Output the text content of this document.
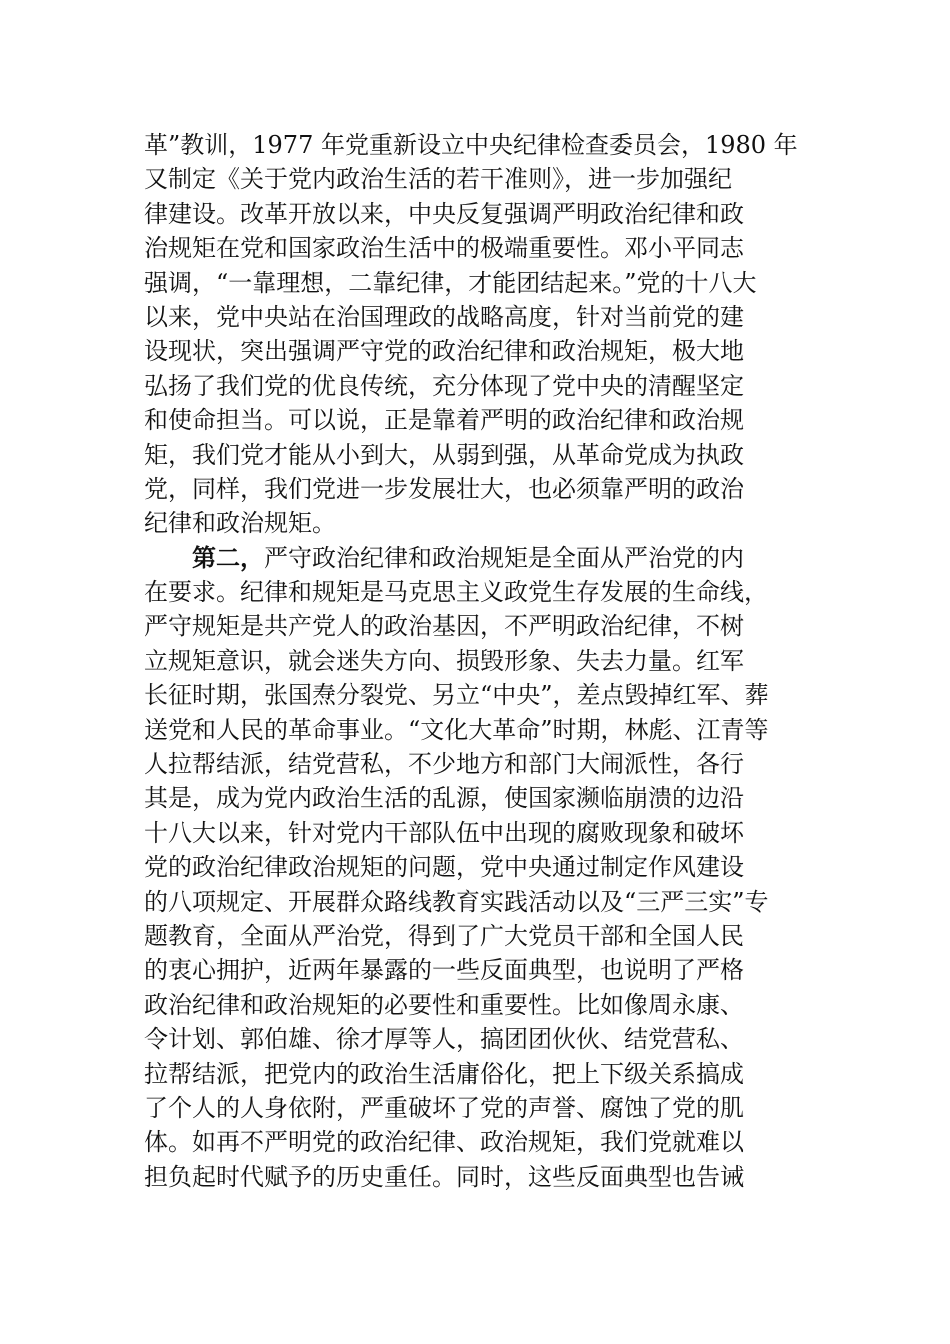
革”教训，1977 年党重新设立中央纪律检查委员会，1980 年
又制定《关于党内政治生活的若干准则》，进一步加强纪
律建设。改革开放以来，中央反复强调严明政治纪律和政
治规矩在党和国家政治生活中的极端重要性。邓小平同志
强调，“一靠理想，二靠纪律，才能团结起来。”党的十八大
以来，党中央站在治国理政的战略高度，针对当前党的建
设现状，突出强调严守党的政治纪律和政治规矩，极大地
弘扬了我们党的优良传统，充分体现了党中央的清醒坚定
和使命担当。可以说，正是靠着严明的政治纪律和政治规
矩，我们党才能从小到大，从弱到强，从革命党成为执政
党，同样，我们党进一步发展壮大，也必须靠严明的政治
纪律和政治规矩。
第二，严守政治纪律和政治规矩是全面从严治党的内
在要求。纪律和规矩是马克思主义政党生存发展的生命线，
严守规矩是共产党人的政治基因，不严明政治纪律，不树
立规矩意识，就会迷失方向、损毁形象、失去力量。红军
长征时期，张国焘分裂党、另立“中央”，差点毁掉红军、葬
送党和人民的革命事业。“文化大革命”时期，林彪、江青等
人拉帮结派，结党营私，不少地方和部门大闹派性，各行
其是，成为党内政治生活的乱源，使国家濒临崩溃的边沿
十八大以来，针对党内干部队伍中出现的腐败现象和破坏
党的政治纪律政治规矩的问题，党中央通过制定作风建设
的八项规定、开展群众路线教育实践活动以及“三严三实”专
题教育，全面从严治党，得到了广大党员干部和全国人民
的衷心拥护，近两年暴露的一些反面典型，也说明了严格
政治纪律和政治规矩的必要性和重要性。比如像周永康、
令计划、郭伯雄、徐才厚等人，搞团团伙伙、结党营私、
拉帮结派，把党内的政治生活庸俗化，把上下级关系搞成
了个人的人身依附，严重破坏了党的声誉、腐蚀了党的肌
体。如再不严明党的政治纪律、政治规矩，我们党就难以
担负起时代赋予的历史重任。同时，这些反面典型也告诫
